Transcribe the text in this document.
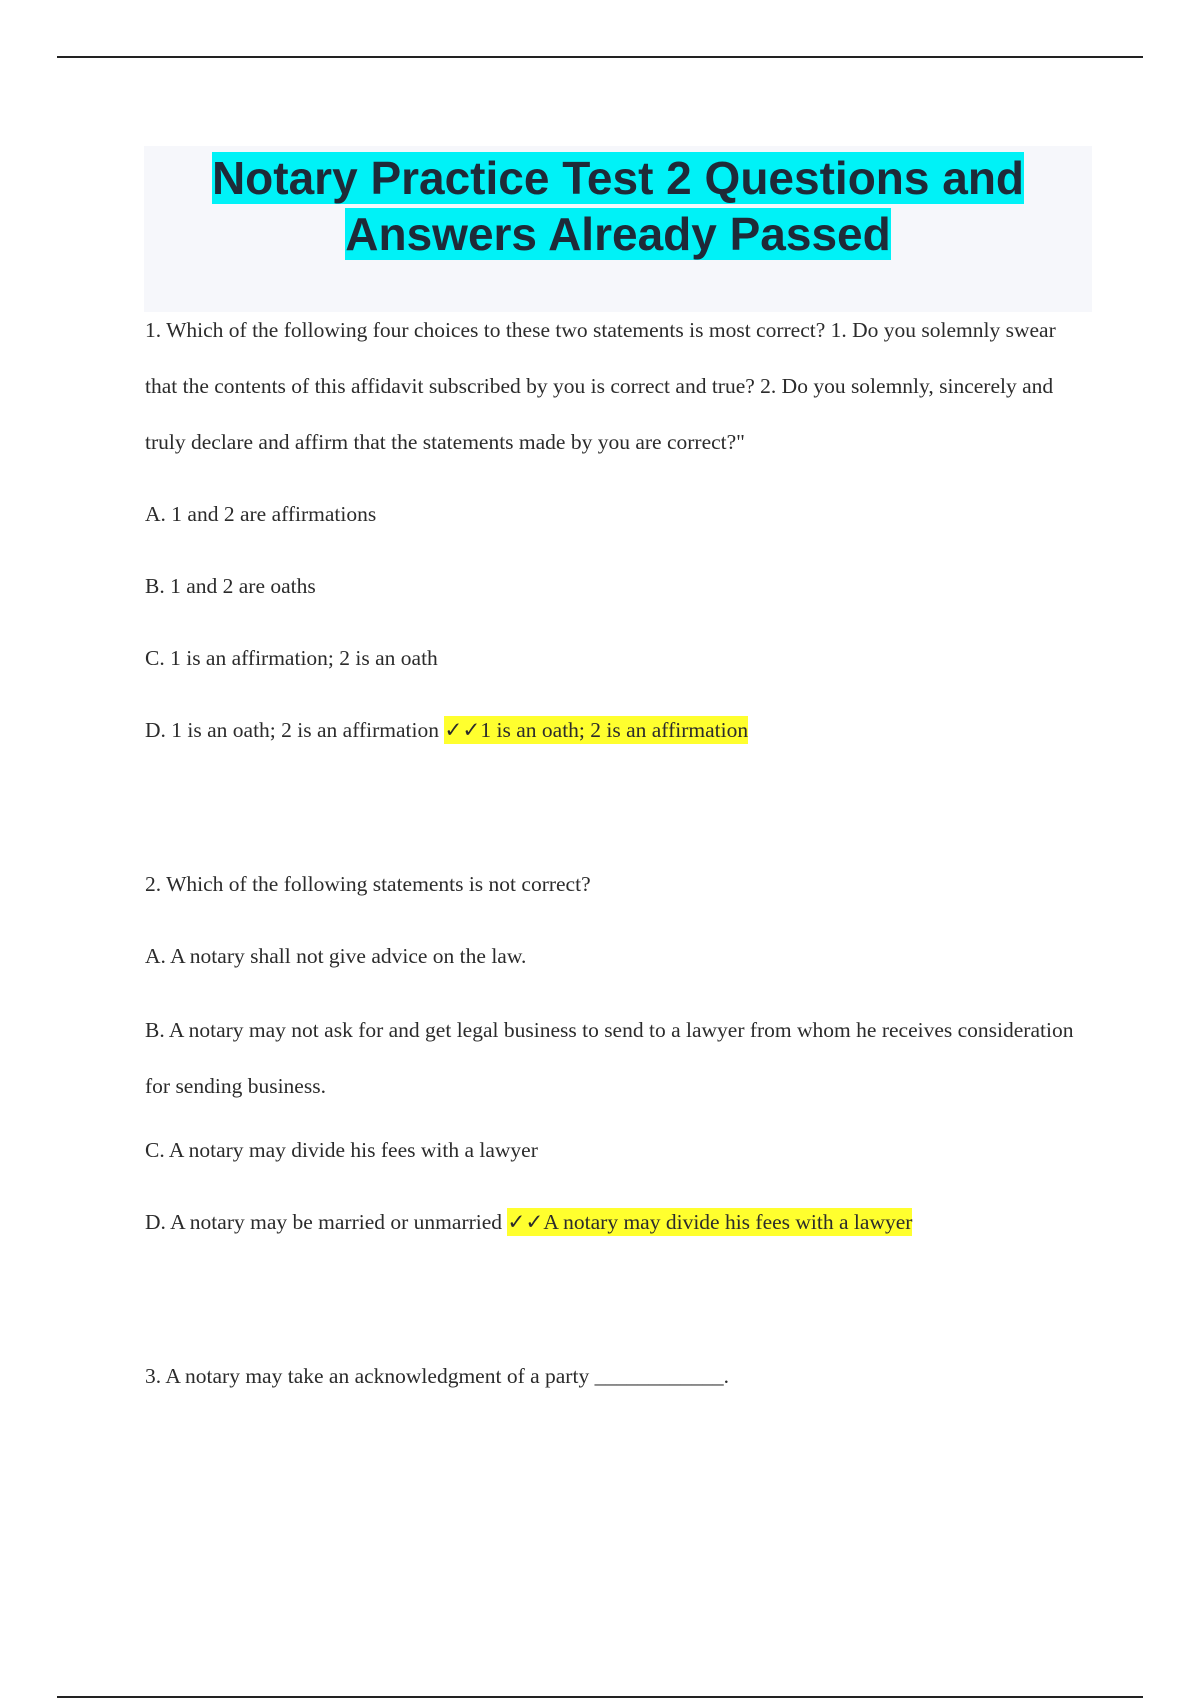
Notary Practice Test 2 Questions and
Answers Already Passed

1. Which of the following four choices to these two statements is most correct? 1. Do you solemnly swear that the contents of this affidavit subscribed by you is correct and true? 2. Do you solemnly, sincerely and truly declare and affirm that the statements made by you are correct?"

A. 1 and 2 are affirmations

B. 1 and 2 are oaths

C. 1 is an affirmation; 2 is an oath

D. 1 is an oath; 2 is an affirmation ✓✓1 is an oath; 2 is an affirmation

2. Which of the following statements is not correct?

A. A notary shall not give advice on the law.

B. A notary may not ask for and get legal business to send to a lawyer from whom he receives consideration for sending business.

C. A notary may divide his fees with a lawyer

D. A notary may be married or unmarried ✓✓A notary may divide his fees with a lawyer

3. A notary may take an acknowledgment of a party ____________.
